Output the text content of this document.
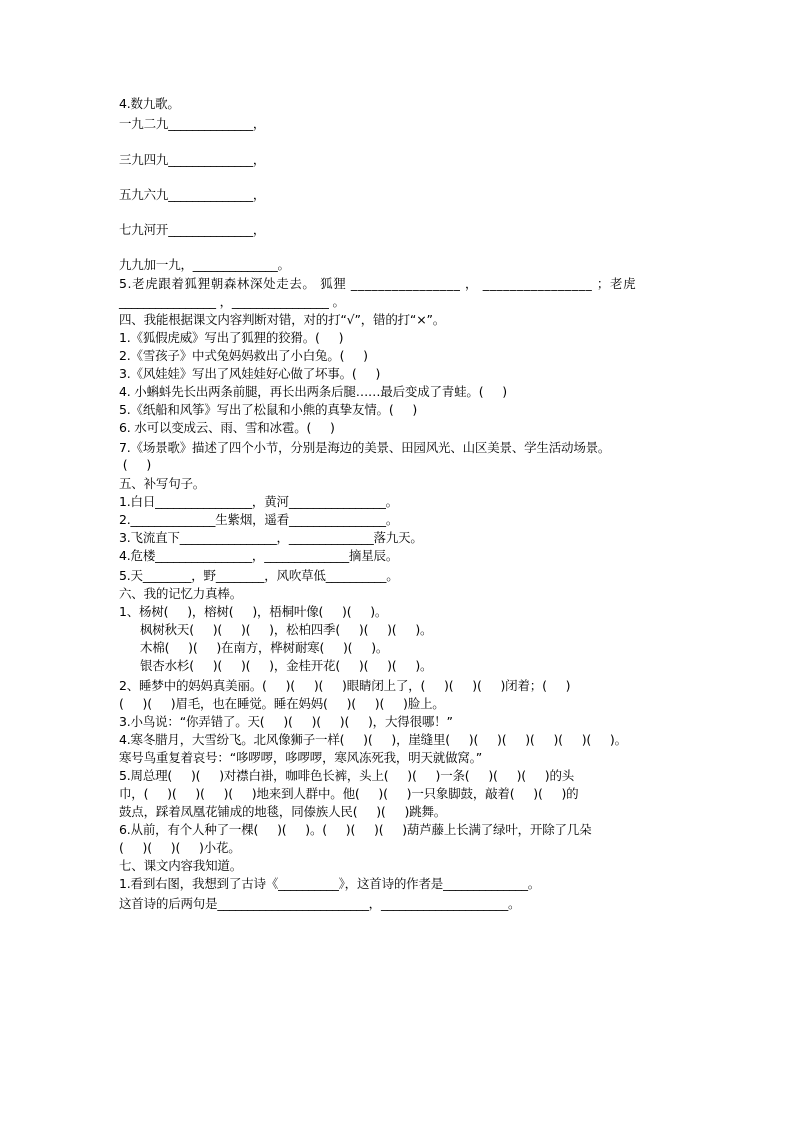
4.数九歌。
一九二九______________，
三九四九______________，
五九六九______________，
七九河开______________，
九九加一九，______________。
5.老虎跟着狐狸朝森林深处走去。 狐狸 ________________ ， ________________ ；老虎
________________ ，________________ 。
四、我能根据课文内容判断对错，对的打“√”，错的打“×”。
1.《狐假虎威》写出了狐狸的狡猾。(     )
2.《雪孩子》中式兔妈妈救出了小白兔。(     )
3.《风娃娃》写出了风娃娃好心做了坏事。(     )
4. 小蝌蚪先长出两条前腿，再长出两条后腿……最后变成了青蛙。(     )
5.《纸船和风筝》写出了松鼠和小熊的真挚友情。(     )
6. 水可以变成云、雨、雪和冰雹。(     )
7.《场景歌》描述了四个小节，分别是海边的美景、田园风光、山区美景、学生活动场景。
(     )
五、补写句子。
1.白日________________，黄河________________。
2.______________生紫烟，遥看________________。
3.飞流直下________________，______________落九天。
4.危楼________________，______________摘星辰。
5.天________，野________，风吹草低__________。
六、我的记忆力真棒。
1、杨树(     )，榕树(     )，梧桐叶像(     )(     )。
枫树秋天(     )(     )(     )，松柏四季(     )(     )(     )。
木棉(     )(     )在南方，桦树耐寒(     )(     )。
银杏水杉(     )(     )(     )，金桂开花(     )(     )(     )。
2、睡梦中的妈妈真美丽。(     )(     )(     )眼睛闭上了，(     )(     )(     )闭着；(     )
(     )(     )眉毛，也在睡觉。睡在妈妈(     )(     )(     )脸上。
3.小鸟说：“你弄错了。天(     )(     )(     )(     )，大得很哪！”
4.寒冬腊月，大雪纷飞。北风像狮子一样(     )(     )，崖缝里(     )(     )(     )(     )(     )(     )。
寒号鸟重复着哀号：“哆啰啰，哆啰啰，寒风冻死我，明天就做窝。”
5.周总理(     )(     )对襟白褂，咖啡色长裤，头上(     )(     )一条(     )(     )(     )的头
巾，(     )(     )(     )(     )地来到人群中。他(     )(     )一只象脚鼓，敲着(     )(     )的
鼓点，踩着凤凰花铺成的地毯，同傣族人民(     )(     )跳舞。
6.从前，有个人种了一棵(     )(     )。(     )(     )(     )葫芦藤上长满了绿叶，开除了几朵
(     )(     )(     )小花。
七、课文内容我知道。
1.看到右图，我想到了古诗《__________》，这首诗的作者是______________。
这首诗的后两句是_________________________，_____________________。
